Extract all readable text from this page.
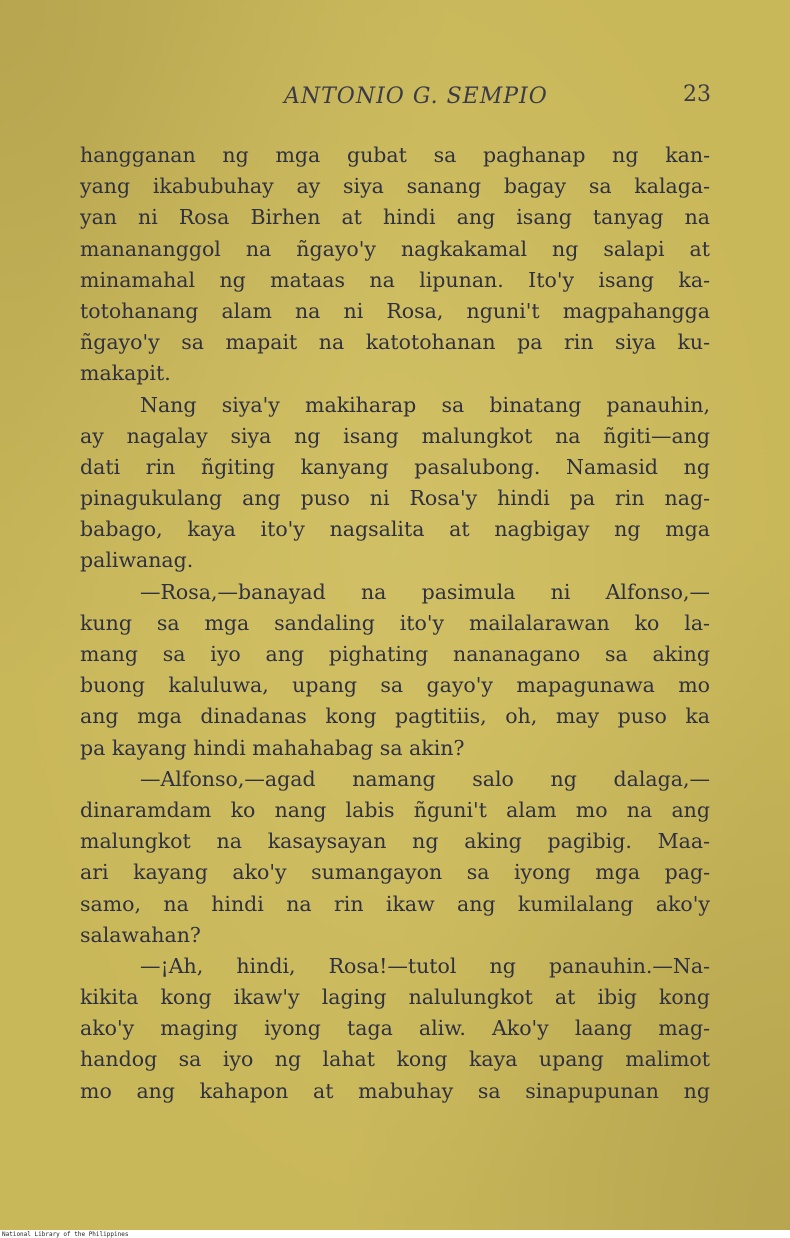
ANTONIO G. SEMPIO	23
hangganan ng mga gubat sa paghanap ng kan-
yang ikabubuhay ay siya sanang bagay sa kalaga-
yan ni Rosa Birhen at hindi ang isang tanyag na
manananggol na ñgayo'y nagkakamal ng salapi at
minamahal ng mataas na lipunan. Ito'y isang ka-
totohanang alam na ni Rosa, nguni't magpahangga
ñgayo'y sa mapait na katotohanan pa rin siya ku-
makapit.
Nang siya'y makiharap sa binatang panauhin,
ay nagalay siya ng isang malungkot na ñgiti—ang
dati rin ñgiting kanyang pasalubong. Namasid ng
pinagukulang ang puso ni Rosa'y hindi pa rin nag-
babago, kaya ito'y nagsalita at nagbigay ng mga
paliwanag.
—Rosa,—banayad na pasimula ni Alfonso,—
kung sa mga sandaling ito'y mailalarawan ko la-
mang sa iyo ang pighating nananagano sa aking
buong kaluluwa, upang sa gayo'y mapagunawa mo
ang mga dinadanas kong pagtitiis, oh, may puso ka
pa kayang hindi mahahabag sa akin?
—Alfonso,—agad namang salo ng dalaga,—
dinaramdam ko nang labis ñguni't alam mo na ang
malungkot na kasaysayan ng aking pagibig. Maa-
ari kayang ako'y sumangayon sa iyong mga pag-
samo, na hindi na rin ikaw ang kumilalang ako'y
salawahan?
—¡Ah, hindi, Rosa!—tutol ng panauhin.—Na-
kikita kong ikaw'y laging nalulungkot at ibig kong
ako'y maging iyong taga aliw. Ako'y laang mag-
handog sa iyo ng lahat kong kaya upang malimot
mo ang kahapon at mabuhay sa sinapupunan ng
National Library of the Philippines
